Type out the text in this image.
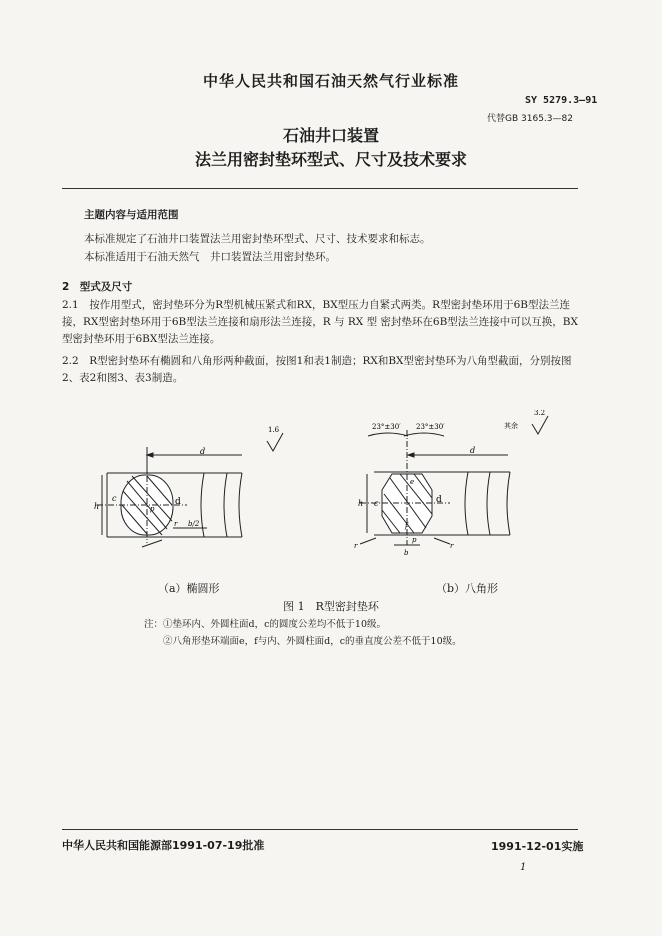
中华人民共和国石油天然气行业标准
SY 5279.3—91
代替GB 3165.3—82
石油井口装置
法兰用密封垫环型式、尺寸及技术要求
主题内容与适用范围
本标准规定了石油井口装置法兰用密封垫环型式、尺寸、技术要求和标志。
本标准适用于石油天然气　井口装置法兰用密封垫环。
2　型式及尺寸
2.1　按作用型式，密封垫环分为R型机械压紧式和RX，BX型压力自紧式两类。R型密封垫环用于6B型法兰连接，RX型密封垫环用于6B型法兰连接和扇形法兰连接，R 与 RX 型 密封垫环在6B型法兰连接中可以互换，BX型密封垫环用于6BX型法兰连接。
2.2　R型密封垫环有椭圆和八角形两种截面，按图1和表1制造；RX和BX型密封垫环为八角型截面，分别按图2、表2和图3、表3制造。
d
h
c	d
p
r b/2
1.6	23°±30′ 23°±30′	其余
3.2
d
h c	d
e
f
r	r
b
p
（a）椭圆形	（b）八角形
图 1　R型密封垫环
注：①垫环内、外圆柱面d，c的圆度公差均不低于10级。
②八角形垫环端面e，f与内、外圆柱面d，c的垂直度公差不低于10级。
中华人民共和国能源部1991-07-19批准	1991-12-01实施
1
